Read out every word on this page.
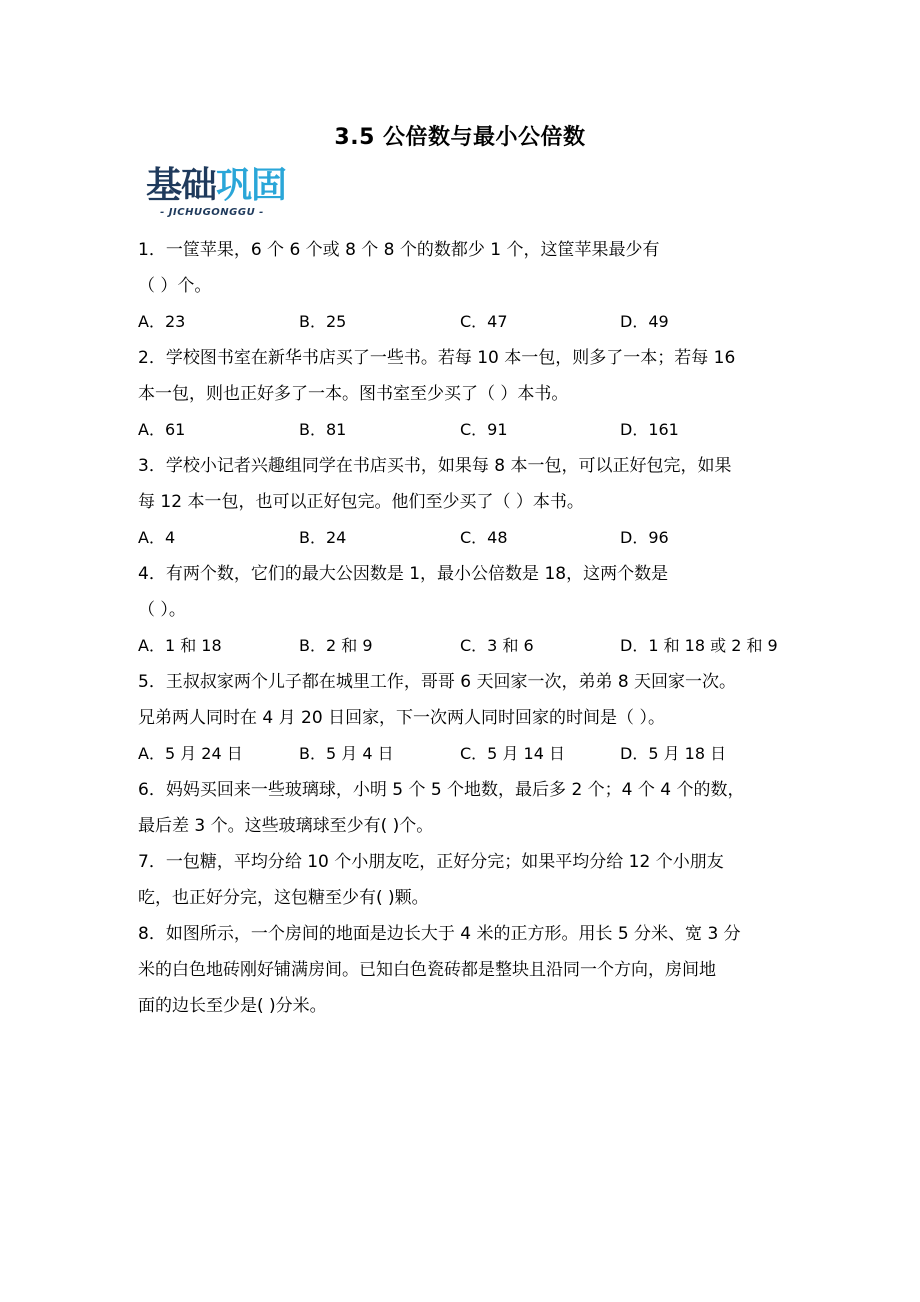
3.5 公倍数与最小公倍数
基础巩固
- JICHUGONGGU -

1．一筐苹果，6 个 6 个或 8 个 8 个的数都少 1 个，这筐苹果最少有

（ ）个。

A．23	B．25	C．47	D．49

2．学校图书室在新华书店买了一些书。若每 10 本一包，则多了一本；若每 16

本一包，则也正好多了一本。图书室至少买了（ ）本书。

A．61	B．81	C．91	D．161

3．学校小记者兴趣组同学在书店买书，如果每 8 本一包，可以正好包完，如果

每 12 本一包，也可以正好包完。他们至少买了（ ）本书。

A．4	B．24	C．48	D．96

4．有两个数，它们的最大公因数是 1，最小公倍数是 18，这两个数是

（ ）。

A．1 和 18	B．2 和 9	C．3 和 6	D．1 和 18 或 2 和 9

5．王叔叔家两个儿子都在城里工作，哥哥 6 天回家一次，弟弟 8 天回家一次。

兄弟两人同时在 4 月 20 日回家，下一次两人同时回家的时间是（ ）。

A．5 月 24 日	B．5 月 4 日	C．5 月 14 日	D．5 月 18 日

6．妈妈买回来一些玻璃球，小明 5 个 5 个地数，最后多 2 个；4 个 4 个的数，

最后差 3 个。这些玻璃球至少有( )个。

7．一包糖，平均分给 10 个小朋友吃，正好分完；如果平均分给 12 个小朋友

吃，也正好分完，这包糖至少有( )颗。

8．如图所示，一个房间的地面是边长大于 4 米的正方形。用长 5 分米、宽 3 分

米的白色地砖刚好铺满房间。已知白色瓷砖都是整块且沿同一个方向，房间地

面的边长至少是( )分米。
